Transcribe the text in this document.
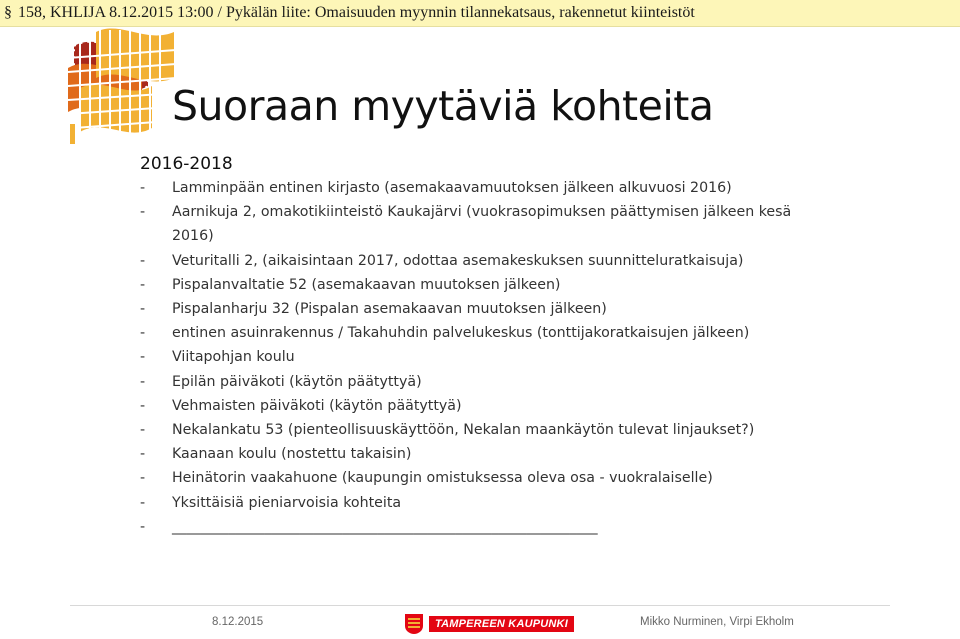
§ 158, KHLIJA 8.12.2015 13:00 / Pykälän liite: Omaisuuden myynnin tilannekatsaus, rakennetut kiinteistöt
Suoraan myytäviä kohteita
2016-2018
-	Lamminpään entinen kirjasto (asemakaavamuutoksen jälkeen alkuvuosi 2016)
-	Aarnikuja 2, omakotikiinteistö Kaukajärvi (vuokrasopimuksen päättymisen jälkeen kesä 2016)
-	Veturitalli 2, (aikaisintaan 2017, odottaa asemakeskuksen suunnitteluratkaisuja)
-	Pispalanvaltatie 52 (asemakaavan muutoksen jälkeen)
-	Pispalanharju 32 (Pispalan asemakaavan muutoksen jälkeen)
-	entinen asuinrakennus / Takahuhdin palvelukeskus (tonttijakoratkaisujen jälkeen)
-	Viitapohjan koulu
-	Epilän päiväkoti (käytön päätyttyä)
-	Vehmaisten päiväkoti (käytön päätyttyä)
-	Nekalankatu 53 (pienteollisuuskäyttöön, Nekalan maankäytön tulevat linjaukset?)
-	Kaanaan koulu (nostettu takaisin)
-	Heinätorin vaakahuone (kaupungin omistuksessa oleva osa - vuokralaiselle)
-	Yksittäisiä pieniarvoisia kohteita
-	____________________________________________________________
8.12.2015	TAMPEREEN KAUPUNKI	Mikko Nurminen, Virpi Ekholm
